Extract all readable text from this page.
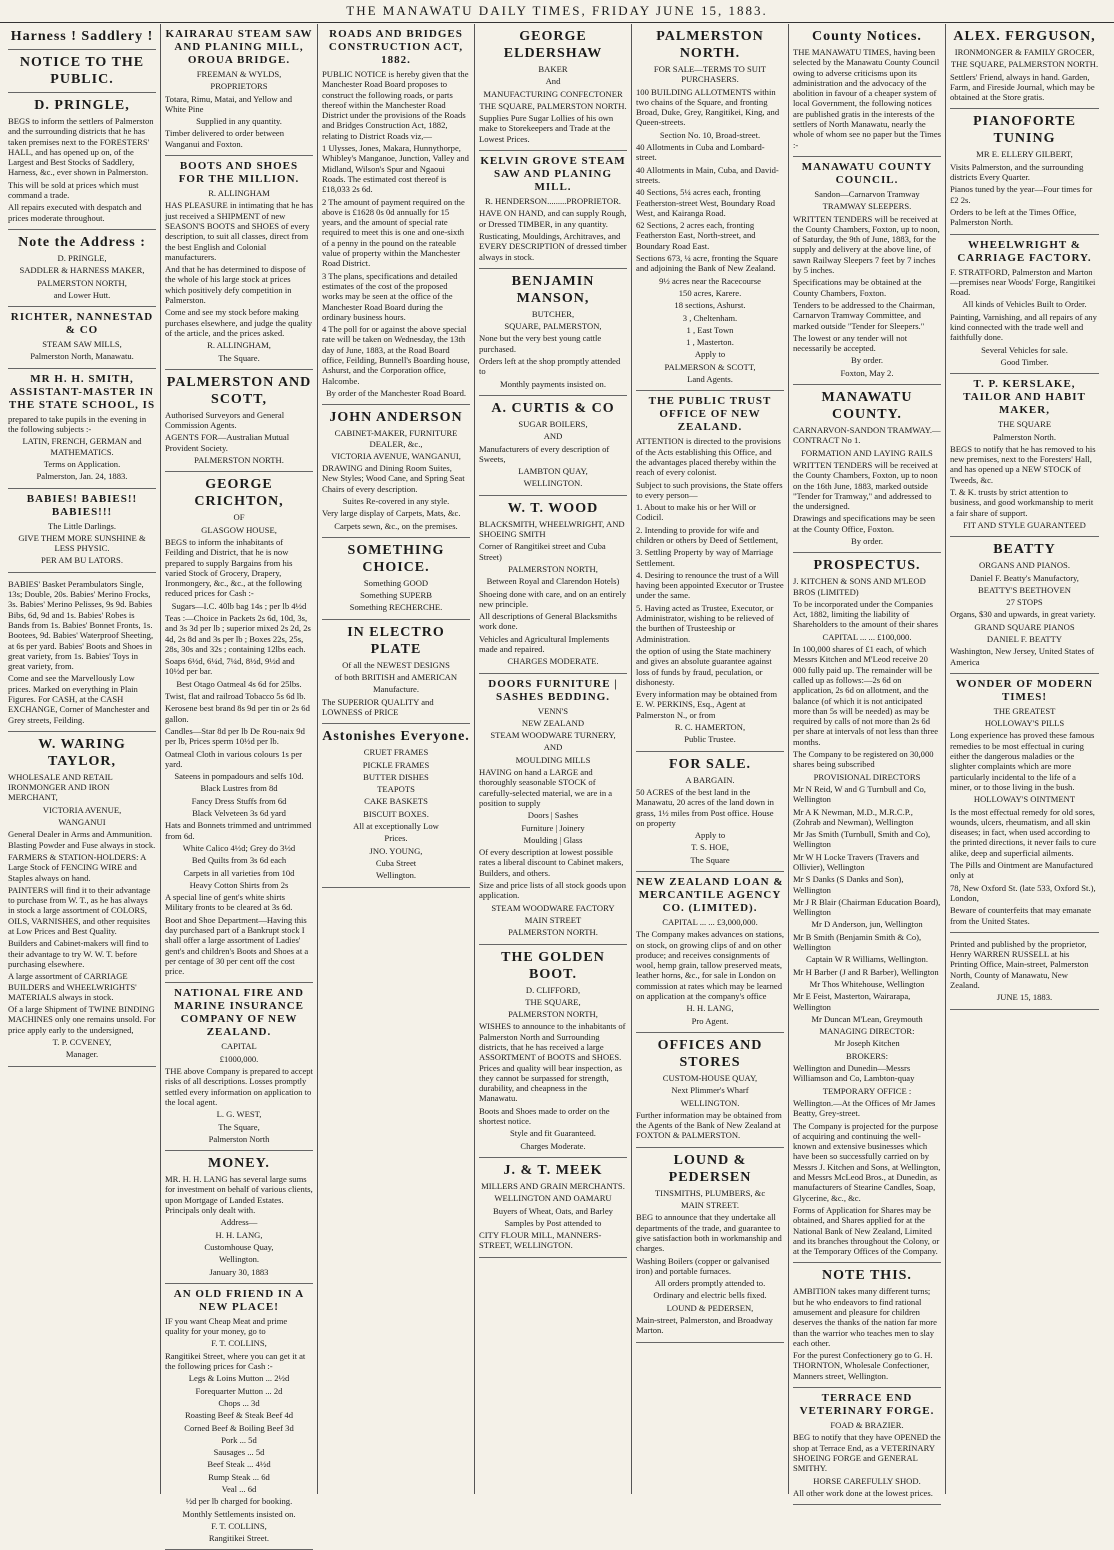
THE MANAWATU DAILY TIMES, FRIDAY JUNE 15, 1883.
Harness ! Saddlery !
NOTICE TO THE PUBLIC.
D. PRINGLE,

BEGS to inform the settlers of Palmerston and the surrounding districts that he has taken premises next to the FORESTERS' HALL, and has opened up on, of the Largest and Best Stocks of Saddlery, Harness, &c., ever shown in Palmerston.

This will be sold at prices which must command a trade.

All repairs executed with despatch and prices moderate throughout.

Note the Address :

D. PRINGLE,

SADDLER & HARNESS MAKER,

PALMERSTON NORTH,

and Lower Hutt.

RICHTER, NANNESTAD & CO

STEAM SAW MILLS,

Palmerston North, Manawatu.

MR H. H. SMITH, ASSISTANT-MASTER IN THE STATE SCHOOL, IS

prepared to take pupils in the evening in the following subjects :-

LATIN, FRENCH, GERMAN and MATHEMATICS.

Terms on Application.

Palmerston, Jan. 24, 1883.

BABIES! BABIES!! BABIES!!!

The Little Darlings.

GIVE THEM MORE SUNSHINE & LESS PHYSIC.

PER AM BU LATORS.

BABIES' Basket Perambulators Single, 13s; Double, 20s. Babies' Merino Frocks, 3s. Babies' Merino Pelisses, 9s 9d. Babies Bibs, 6d, 9d and 1s. Babies' Robes is Bands from 1s. Babies' Bonnet Fronts, 1s. Bootees, 9d. Babies' Waterproof Sheeting, at 6s per yard. Babies' Boots and Shoes in great variety, from 1s. Babies' Toys in great variety, from.

Come and see the Marvellously Low prices. Marked on everything in Plain Figures. For CASH, at the CASH EXCHANGE, Corner of Manchester and Grey streets, Feilding.

W. WARING TAYLOR,

WHOLESALE AND RETAIL IRONMONGER AND IRON MERCHANT,

VICTORIA AVENUE,

WANGANUI

General Dealer in Arms and Ammunition. Blasting Powder and Fuse always in stock.

FARMERS & STATION-HOLDERS: A Large Stock of FENCING WIRE and Staples always on hand.

PAINTERS will find it to their advantage to purchase from W. T., as he has always in stock a large assortment of COLORS, OILS, VARNISHES, and other requisites at Low Prices and Best Quality.

Builders and Cabinet-makers will find to their advantage to try W. W. T. before purchasing elsewhere.

A large assortment of CARRIAGE BUILDERS and WHEELWRIGHTS' MATERIALS always in stock.

Of a large Shipment of TWINE BINDING MACHINES only one remains unsold. For price apply early to the undersigned,

T. P. CCVENEY,

Manager.

KAIRARAU STEAM SAW AND PLANING MILL, OROUA BRIDGE.

FREEMAN & WYLDS,

PROPRIETORS

Totara, Rimu, Matai, and Yellow and White Pine

Supplied in any quantity.

Timber delivered to order between Wanganui and Foxton.

BOOTS AND SHOES FOR THE MILLION.

R. ALLINGHAM

HAS PLEASURE in intimating that he has just received a SHIPMENT of new SEASON'S BOOTS and SHOES of every description, to suit all classes, direct from the best English and Colonial manufacturers.

And that he has determined to dispose of the whole of his large stock at prices which positively defy competition in Palmerston.

Come and see my stock before making purchases elsewhere, and judge the quality of the article, and the prices asked.

R. ALLINGHAM,

The Square.

PALMERSTON AND SCOTT,

Authorised Surveyors and General Commission Agents.

AGENTS FOR—Australian Mutual Provident Society.

PALMERSTON NORTH.

GEORGE CRICHTON,

OF

GLASGOW HOUSE,

BEGS to inform the inhabitants of Feilding and District, that he is now prepared to supply Bargains from his varied Stock of Grocery, Drapery, Ironmongery, &c., &c., at the following reduced prices for Cash :-

Sugars—I.C. 40lb bag 14s ; per lb 4½d

Teas :—Choice in Packets 2s 6d, 10d, 3s, and 3s 3d per lb ; superior mixed 2s 2d, 2s 4d, 2s 8d and 3s per lb ; Boxes 22s, 25s, 28s, 30s and 32s ; containing 12lbs each.

Soaps 6½d, 6¼d, 7¼d, 8½d, 9½d and 10½d per bar.

Best Otago Oatmeal 4s 6d for 25lbs.

Twist, flat and railroad Tobacco 5s 6d lb.

Kerosene best brand 8s 9d per tin or 2s 6d gallon.

Candles—Star 8d per lb De Rou-naix 9d per lb, Prices sperm 10½d per lb.

Oatmeal Cloth in various colours 1s per yard.

Sateens in pompadours and selfs 10d.

Black Lustres from 8d

Fancy Dress Stuffs from 6d

Black Velveteen 3s 6d yard

Hats and Bonnets trimmed and untrimmed from 6d.

White Calico 4½d; Grey do 3½d

Bed Quilts from 3s 6d each

Carpets in all varieties from 10d

Heavy Cotton Shirts from 2s

A special line of gent's white shirts Military fronts to be cleared at 3s 6d.

Boot and Shoe Department—Having this day purchased part of a Bankrupt stock I shall offer a large assortment of Ladies' gent's and children's Boots and Shoes at a per centage of 30 per cent off the cost price.

NATIONAL FIRE AND MARINE INSURANCE COMPANY OF NEW ZEALAND.

CAPITAL

£1000,000.

THE above Company is prepared to accept risks of all descriptions. Losses promptly settled every information on application to the local agent.

L. G. WEST,

The Square,

Palmerston North

MONEY.

MR. H. H. LANG has several large sums for investment on behalf of various clients, upon Mortgage of Landed Estates. Principals only dealt with.

Address—

H. H. LANG,

Customhouse Quay,

Wellington.

January 30, 1883

AN OLD FRIEND IN A NEW PLACE!

IF you want Cheap Meat and prime quality for your money, go to

F. T. COLLINS,

Rangitikei Street, where you can get it at the following prices for Cash :-

Legs & Loins Mutton ... 2½d

Forequarter Mutton ... 2d

Chops ... 3d

Roasting Beef & Steak Beef 4d

Corned Beef & Boiling Beef 3d

Pork ... 5d

Sausages ... 5d

Beef Steak ... 4½d

Rump Steak ... 6d

Veal ... 6d

½d per lb charged for booking.

Monthly Settlements insisted on.

F. T. COLLINS,

Rangitikei Street.

ROADS AND BRIDGES CONSTRUCTION ACT, 1882.

PUBLIC NOTICE is hereby given that the Manchester Road Board proposes to construct the following roads, or parts thereof within the Manchester Road District under the provisions of the Roads and Bridges Construction Act, 1882, relating to District Roads viz,—

1 Ulysses, Jones, Makara, Hunnythorpe, Whibley's Manganoe, Junction, Valley and Midland, Wilson's Spur and Ngaoui Roads. The estimated cost thereof is £18,033 2s 6d.

2 The amount of payment required on the above is £1628 0s 0d annually for 15 years, and the amount of special rate required to meet this is one and one-sixth of a penny in the pound on the rateable value of property within the Manchester Road District.

3 The plans, specifications and detailed estimates of the cost of the proposed works may be seen at the office of the Manchester Road Board during the ordinary business hours.

4 The poll for or against the above special rate will be taken on Wednesday, the 13th day of June, 1883, at the Road Board office, Feilding, Bunnell's Boarding house, Ashurst, and the Corporation office, Halcombe.

By order of the Manchester Road Board.

JOHN ANDERSON

CABINET-MAKER, FURNITURE DEALER, &c.,

VICTORIA AVENUE, WANGANUI,

DRAWING and Dining Room Suites, New Styles; Wood Cane, and Spring Seat Chairs of every description.

Suites Re-covered in any style.

Very large display of Carpets, Mats, &c.

Carpets sewn, &c., on the premises.

SOMETHING CHOICE.

Something GOOD

Something SUPERB

Something RECHERCHE.

IN ELECTRO PLATE

Of all the NEWEST DESIGNS

of both BRITISH and AMERICAN

Manufacture.

The SUPERIOR QUALITY and LOWNESS of PRICE

Astonishes Everyone.

CRUET FRAMES

PICKLE FRAMES

BUTTER DISHES

TEAPOTS

CAKE BASKETS

BISCUIT BOXES.

All at exceptionally Low

Prices.

JNO. YOUNG,

Cuba Street

Wellington.

GEORGE ELDERSHAW

BAKER

And

MANUFACTURING CONFECTONER

THE SQUARE, PALMERSTON NORTH.

Supplies Pure Sugar Lollies of his own make to Storekeepers and Trade at the Lowest Prices.

KELVIN GROVE STEAM SAW AND PLANING MILL.

R. HENDERSON.........PROPRIETOR.

HAVE ON HAND, and can supply Rough, or Dressed TIMBER, in any quantity.

Rusticating, Mouldings, Architraves, and EVERY DESCRIPTION of dressed timber always in stock.

BENJAMIN MANSON,

BUTCHER,

SQUARE, PALMERSTON,

None but the very best young cattle purchased.

Orders left at the shop promptly attended to

Monthly payments insisted on.

A. CURTIS & CO

SUGAR BOILERS,

AND

Manufacturers of every description of Sweets,

LAMBTON QUAY,

WELLINGTON.

W. T. WOOD

BLACKSMITH, WHEELWRIGHT, AND SHOEING SMITH

Corner of Rangitikei street and Cuba Street)

PALMERSTON NORTH,

Between Royal and Clarendon Hotels)

Shoeing done with care, and on an entirely new principle.

All descriptions of General Blacksmiths work done.

Vehicles and Agricultural Implements made and repaired.

CHARGES MODERATE.

DOORS FURNITURE | SASHES BEDDING.

VENN'S

NEW ZEALAND

STEAM WOODWARE TURNERY,

AND

MOULDING MILLS

HAVING on hand a LARGE and thoroughly seasonable STOCK of carefully-selected material, we are in a position to supply

Doors | Sashes

Furniture | Joinery

Moulding | Glass

Of every description at lowest possible rates a liberal discount to Cabinet makers, Builders, and others.

Size and price lists of all stock goods upon application.

STEAM WOODWARE FACTORY

MAIN STREET

PALMERSTON NORTH.

THE GOLDEN BOOT.

D. CLIFFORD,

THE SQUARE,

PALMERSTON NORTH,

WISHES to announce to the inhabitants of Palmerston North and Surrounding districts, that he has received a large ASSORTMENT of BOOTS and SHOES. Prices and quality will bear inspection, as they cannot be surpassed for strength, durability, and cheapness in the Manawatu.

Boots and Shoes made to order on the shortest notice.

Style and fit Guaranteed.

Charges Moderate.

J. & T. MEEK

MILLERS AND GRAIN MERCHANTS.

WELLINGTON AND OAMARU

Buyers of Wheat, Oats, and Barley

Samples by Post attended to

CITY FLOUR MILL, MANNERS-STREET, WELLINGTON.

PALMERSTON NORTH.

FOR SALE—TERMS TO SUIT PURCHASERS.

100 BUILDING ALLOTMENTS within two chains of the Square, and fronting Broad, Duke, Grey, Rangitikei, King, and Queen-streets.

Section No. 10, Broad-street.

40 Allotments in Cuba and Lombard-street.

40 Allotments in Main, Cuba, and David-streets.

40 Sections, 5¼ acres each, fronting Featherston-street West, Boundary Road West, and Kairanga Road.

62 Sections, 2 acres each, fronting Featherston East, North-street, and Boundary Road East.

Sections 673, ¼ acre, fronting the Square and adjoining the Bank of New Zealand.

9½ acres near the Racecourse

150 acres, Karere.

18 sections, Ashurst.

3 , Cheltenham.

1 , East Town

1 , Masterton.

Apply to

PALMERSON & SCOTT,

Land Agents.

THE PUBLIC TRUST OFFICE OF NEW ZEALAND.

ATTENTION is directed to the provisions of the Acts establishing this Office, and the advantages placed thereby within the reach of every colonist.

Subject to such provisions, the State offers to every person—

1. About to make his or her Will or Codicil.

2. Intending to provide for wife and children or others by Deed of Settlement,

3. Settling Property by way of Marriage Settlement.

4. Desiring to renounce the trust of a Will having been appointed Executor or Trustee under the same.

5. Having acted as Trustee, Executor, or Administrator, wishing to be relieved of the burthen of Trusteeship or Administration.

the option of using the State machinery and gives an absolute guarantee against loss of funds by fraud, peculation, or dishonesty.

Every information may be obtained from E. W. PERKINS, Esq., Agent at Palmerston N., or from

R. C. HAMERTON,

Public Trustee.

FOR SALE.

A BARGAIN.

50 ACRES of the best land in the Manawatu, 20 acres of the land down in grass, 1½ miles from Post office. House on property

Apply to

T. S. HOE,

The Square

NEW ZEALAND LOAN & MERCANTILE AGENCY CO. (LIMITED).

CAPITAL ... ... £3,000,000.

The Company makes advances on stations, on stock, on growing clips of and on other produce; and receives consignments of wool, hemp grain, tallow preserved meats, leather horns, &c., for sale in London on commission at rates which may be learned on application at the company's office

H. H. LANG,

Pro Agent.

OFFICES AND STORES

CUSTOM-HOUSE QUAY,

Next Plimmer's Wharf

WELLINGTON.

Further information may be obtained from the Agents of the Bank of New Zealand at FOXTON & PALMERSTON.

LOUND & PEDERSEN

TINSMITHS, PLUMBERS, &c

MAIN STREET.

BEG to announce that they undertake all departments of the trade, and guarantee to give satisfaction both in workmanship and charges.

Washing Boilers (copper or galvanised iron) and portable furnaces.

All orders promptly attended to.

Ordinary and electric bells fixed.

LOUND & PEDERSEN,

Main-street, Palmerston, and Broadway Marton.

County Notices.

THE MANAWATU TIMES, having been selected by the Manawatu County Council owing to adverse criticisms upon its administration and the advocacy of the abolition in favour of a cheaper system of local Government, the following notices are published gratis in the interests of the settlers of North Manawatu, nearly the whole of whom see no paper but the Times :-

MANAWATU COUNTY COUNCIL.

Sandon—Carnarvon Tramway

TRAMWAY SLEEPERS.

WRITTEN TENDERS will be received at the County Chambers, Foxton, up to noon, of Saturday, the 9th of June, 1883, for the supply and delivery at the above line, of sawn Railway Sleepers 7 feet by 7 inches by 5 inches.

Specifications may be obtained at the County Chambers, Foxton.

Tenders to be addressed to the Chairman, Carnarvon Tramway Committee, and marked outside "Tender for Sleepers."

The lowest or any tender will not necessarily be accepted.

By order.

Foxton, May 2.

MANAWATU COUNTY.

CARNARVON-SANDON TRAMWAY.—CONTRACT No 1.

FORMATION AND LAYING RAILS

WRITTEN TENDERS will be received at the County Chambers, Foxton, up to noon on the 16th June, 1883, marked outside "Tender for Tramway," and addressed to the undersigned.

Drawings and specifications may be seen at the County Office, Foxton.

By order.

PROSPECTUS.

J. KITCHEN & SONS AND M'LEOD BROS (LIMITED)

To be incorporated under the Companies Act, 1882, limiting the liability of Shareholders to the amount of their shares

CAPITAL ... ... £100,000.

In 100,000 shares of £1 each, of which Messrs Kitchen and M'Leod receive 20 000 fully paid up. The remainder will be called up as follows:—2s 6d on application, 2s 6d on allotment, and the balance (of which it is not anticipated more than 5s will be needed) as may be required by calls of not more than 2s 6d per share at intervals of not less than three months.

The Company to be registered on 30,000 shares being subscribed

PROVISIONAL DIRECTORS

Mr N Reid, W and G Turnbull and Co, Wellington

Mr A K Newman, M.D., M.R.C.P., (Zohrab and Newman), Wellington

Mr Jas Smith (Turnbull, Smith and Co), Wellington

Mr W H Locke Travers (Travers and Ollivier), Wellington

Mr S Danks (S Danks and Son), Wellington

Mr J R Blair (Chairman Education Board), Wellington

Mr D Anderson, jun, Wellington

Mr B Smith (Benjamin Smith & Co), Wellington

Captain W R Williams, Wellington.

Mr H Barber (J and R Barber), Wellington

Mr Thos Whitehouse, Wellington

Mr E Feist, Masterton, Wairarapa, Wellington

Mr Duncan M'Lean, Greymouth

MANAGING DIRECTOR:

Mr Joseph Kitchen

BROKERS:

Wellington and Dunedin—Messrs Williamson and Co, Lambton-quay

TEMPORARY OFFICE :

Wellington.—At the Offices of Mr James Beatty, Grey-street.

The Company is projected for the purpose of acquiring and continuing the well-known and extensive businesses which have been so successfully carried on by Messrs J. Kitchen and Sons, at Wellington, and Messrs McLeod Bros., at Dunedin, as manufacturers of Stearine Candles, Soap, Glycerine, &c., &c.

Forms of Application for Shares may be obtained, and Shares applied for at the National Bank of New Zealand, Limited and its branches throughout the Colony, or at the Temporary Offices of the Company.

NOTE THIS.

AMBITION takes many different turns; but he who endeavors to find rational amusement and pleasure for children deserves the thanks of the nation far more than the warrior who teaches men to slay each other.

For the purest Confectionery go to G. H. THORNTON, Wholesale Confectioner, Manners street, Wellington.

TERRACE END VETERINARY FORGE.

FOAD & BRAZIER.

BEG to notify that they have OPENED the shop at Terrace End, as a VETERINARY SHOEING FORGE and GENERAL SMITHY.

HORSE CAREFULLY SHOD.

All other work done at the lowest prices.

ALEX. FERGUSON,

IRONMONGER & FAMILY GROCER,

THE SQUARE, PALMERSTON NORTH.

Settlers' Friend, always in hand. Garden, Farm, and Fireside Journal, which may be obtained at the Store gratis.

PIANOFORTE TUNING

MR E. ELLERY GILBERT,

Visits Palmerston, and the surrounding districts Every Quarter.

Pianos tuned by the year—Four times for £2 2s.

Orders to be left at the Times Office, Palmerston North.

WHEELWRIGHT & CARRIAGE FACTORY.

F. STRATFORD, Palmerston and Marton—premises near Woods' Forge, Rangitikei Road.

All kinds of Vehicles Built to Order.

Painting, Varnishing, and all repairs of any kind connected with the trade well and faithfully done.

Several Vehicles for sale.

Good Timber.

T. P. KERSLAKE, TAILOR AND HABIT MAKER,

THE SQUARE

Palmerston North.

BEGS to notify that he has removed to his new premises, next to the Foresters' Hall, and has opened up a NEW STOCK of Tweeds, &c.

T. & K. trusts by strict attention to business, and good workmanship to merit a fair share of support.

FIT AND STYLE GUARANTEED

BEATTY

ORGANS AND PIANOS.

Daniel F. Beatty's Manufactory,

BEATTY'S BEETHOVEN

27 STOPS

Organs, $30 and upwards, in great variety.

GRAND SQUARE PIANOS

DANIEL F. BEATTY

Washington, New Jersey, United States of America

WONDER OF MODERN TIMES!

THE GREATEST

HOLLOWAY'S PILLS

Long experience has proved these famous remedies to be most effectual in curing either the dangerous maladies or the slighter complaints which are more particularly incidental to the life of a miner, or to those living in the bush.

HOLLOWAY'S OINTMENT

Is the most effectual remedy for old sores, wounds, ulcers, rheumatism, and all skin diseases; in fact, when used according to the printed directions, it never fails to cure alike, deep and superficial ailments.

The Pills and Ointment are Manufactured only at

78, New Oxford St. (late 533, Oxford St.), London,

Beware of counterfeits that may emanate from the United States.

Printed and published by the proprietor, Henry WARREN RUSSELL at his Printing Office, Main-street, Palmerston North, County of Manawatu, New Zealand.

JUNE 15, 1883.
